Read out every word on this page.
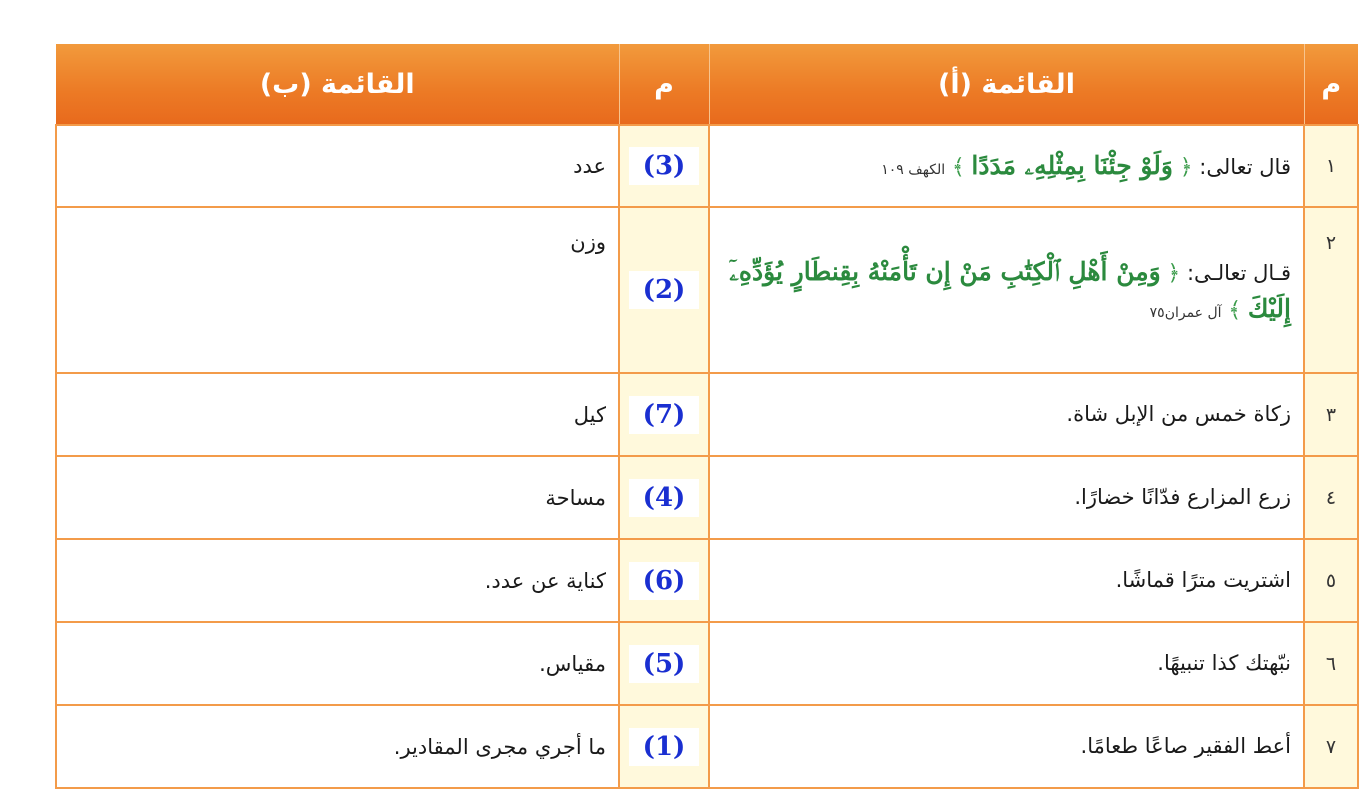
م	القائمة (أ)	م	القائمة (ب)
١	قال تعالى: ﴿ وَلَوْ جِئْنَا بِمِثْلِهِۦ مَدَدًا ﴾ الكهف ١٠٩	(3)	عدد
٢	قـال تعالـى: ﴿ وَمِنْ أَهْلِ ٱلْكِتَٰبِ مَنْ إِن تَأْمَنْهُ بِقِنطَارٍ يُؤَدِّهِۦٓ إِلَيْكَ ﴾ آل عمران٧٥	(2)	وزن
٣	زكاة خمس من الإبل شاة.	(7)	كيل
٤	زرع المزارع فدّانًا خضارًا.	(4)	مساحة
٥	اشتريت مترًا قماشًا.	(6)	كناية عن عدد.
٦	نبّهتك كذا تنبيهًا.	(5)	مقياس.
٧	أعط الفقير صاعًا طعامًا.	(1)	ما أجري مجرى المقادير.
